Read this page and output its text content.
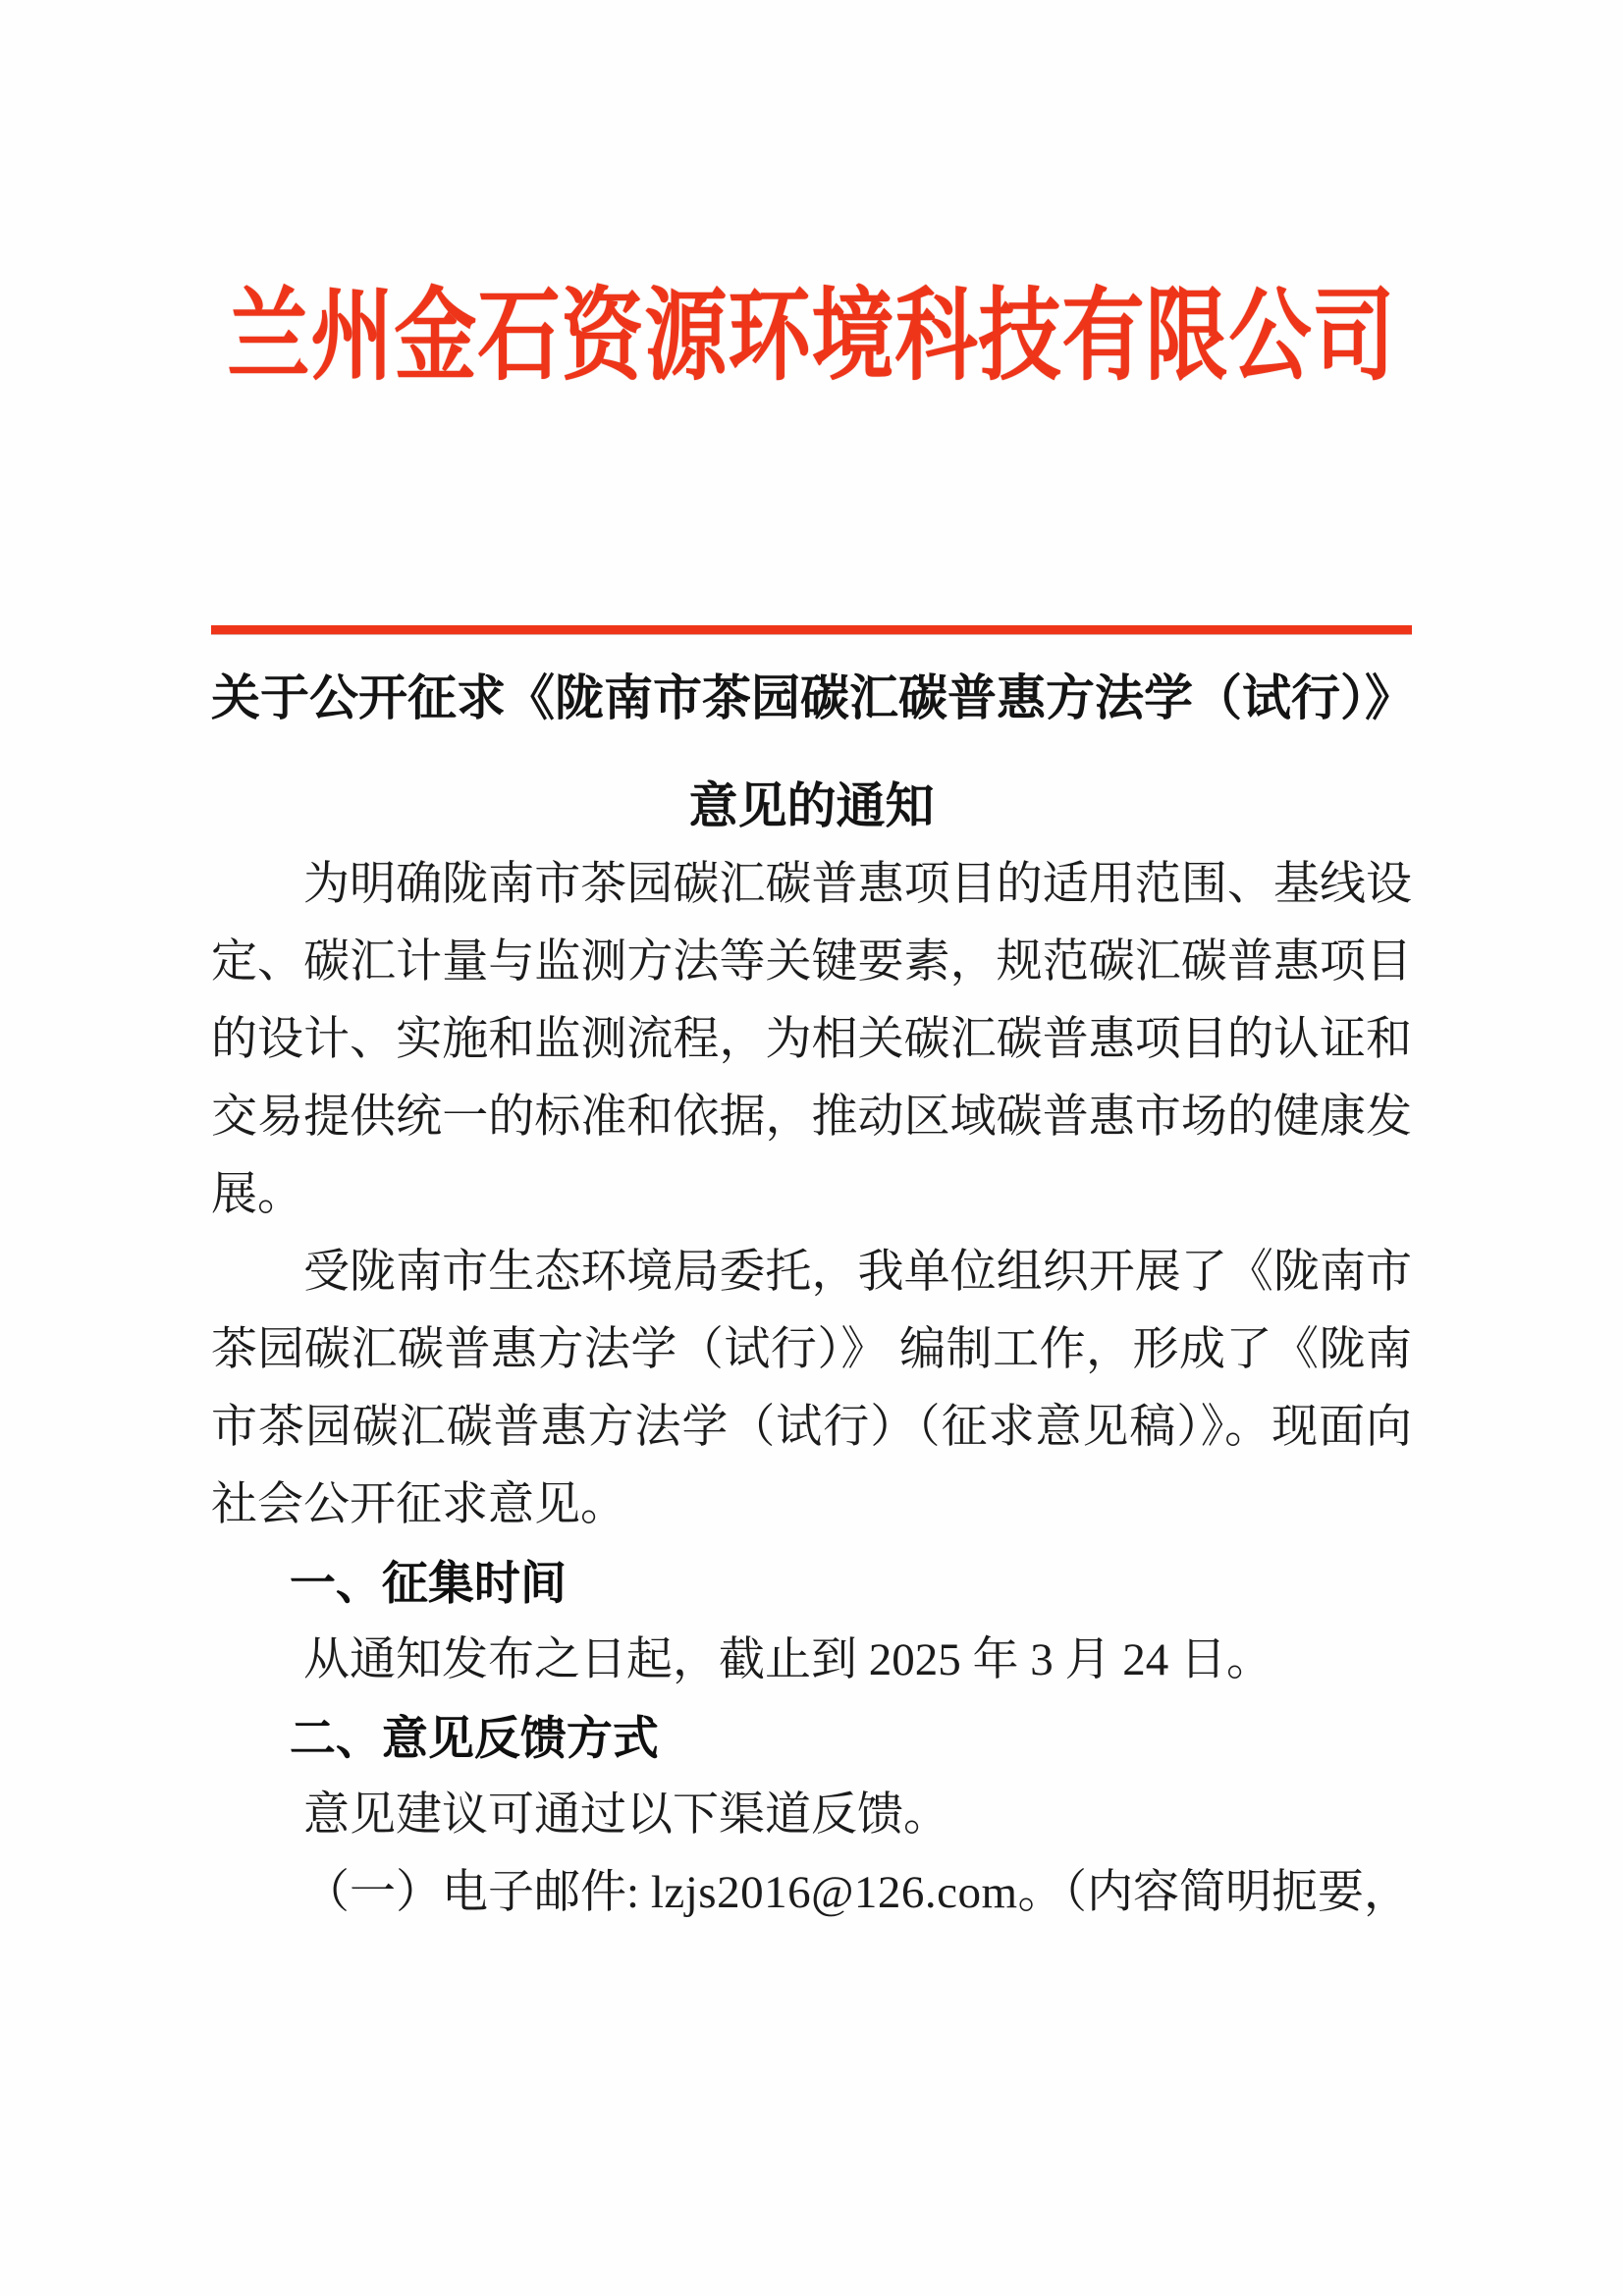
兰州金石资源环境科技有限公司
关于公开征求《陇南市茶园碳汇碳普惠方法学（试行）》
意见的通知

为明确陇南市茶园碳汇碳普惠项目的适用范围、基线设定、碳汇计量与监测方法等关键要素，规范碳汇碳普惠项目的设计、实施和监测流程，为相关碳汇碳普惠项目的认证和交易提供统一的标准和依据，推动区域碳普惠市场的健康发展。

受陇南市生态环境局委托，我单位组织开展了《陇南市茶园碳汇碳普惠方法学（试行）》 编制工作，形成了《陇南市茶园碳汇碳普惠方法学（试行）（征求意见稿）》。现面向社会公开征求意见。

一、征集时间

从通知发布之日起，截止到 2025 年 3 月 24 日。

二、意见反馈方式

意见建议可通过以下渠道反馈。

（一）电子邮件: lzjs2016@126.com。（内容简明扼要，
